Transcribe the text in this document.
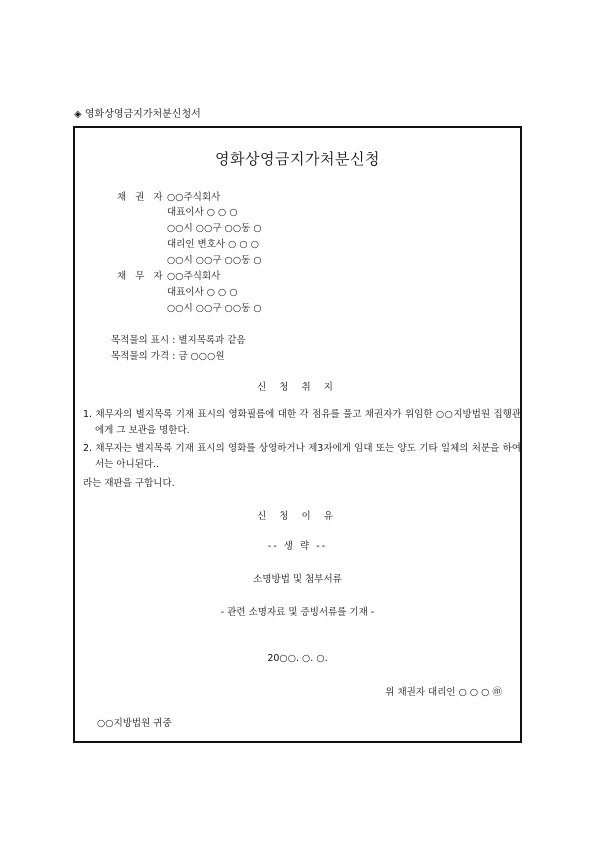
◈ 영화상영금지가처분신청서
영화상영금지가처분신청
채 권 자 ○○주식회사
대표이사 ○ ○ ○
○○시 ○○구 ○○동 ○
대리인 변호사 ○ ○ ○
○○시 ○○구 ○○동 ○
채 무 자 ○○주식회사
대표이사 ○ ○ ○
○○시 ○○구 ○○동 ○
목적물의 표시 : 별지목록과 같음
목적물의 가격 : 금 ○○○원
신 청 취 지
1. 채무자의 별지목록 기재 표시의 영화필름에 대한 각 점유를 풀고 채권자가 위임한 ○○지방법원 집행관에게 그 보관을 명한다.
2. 채무자는 별지목록 기재 표시의 영화를 상영하거나 제3자에게 임대 또는 양도 기타 일체의 처분을 하여서는 아니된다..
라는 재판을 구합니다.
신 청 이 유
-- 생 략 --
소명방법 및 첨부서류
- 관련 소명자료 및 증빙서류를 기재 -
20○○. ○. ○.
위 채권자 대리인 ○ ○ ○ ㊞
○○지방법원 귀중
